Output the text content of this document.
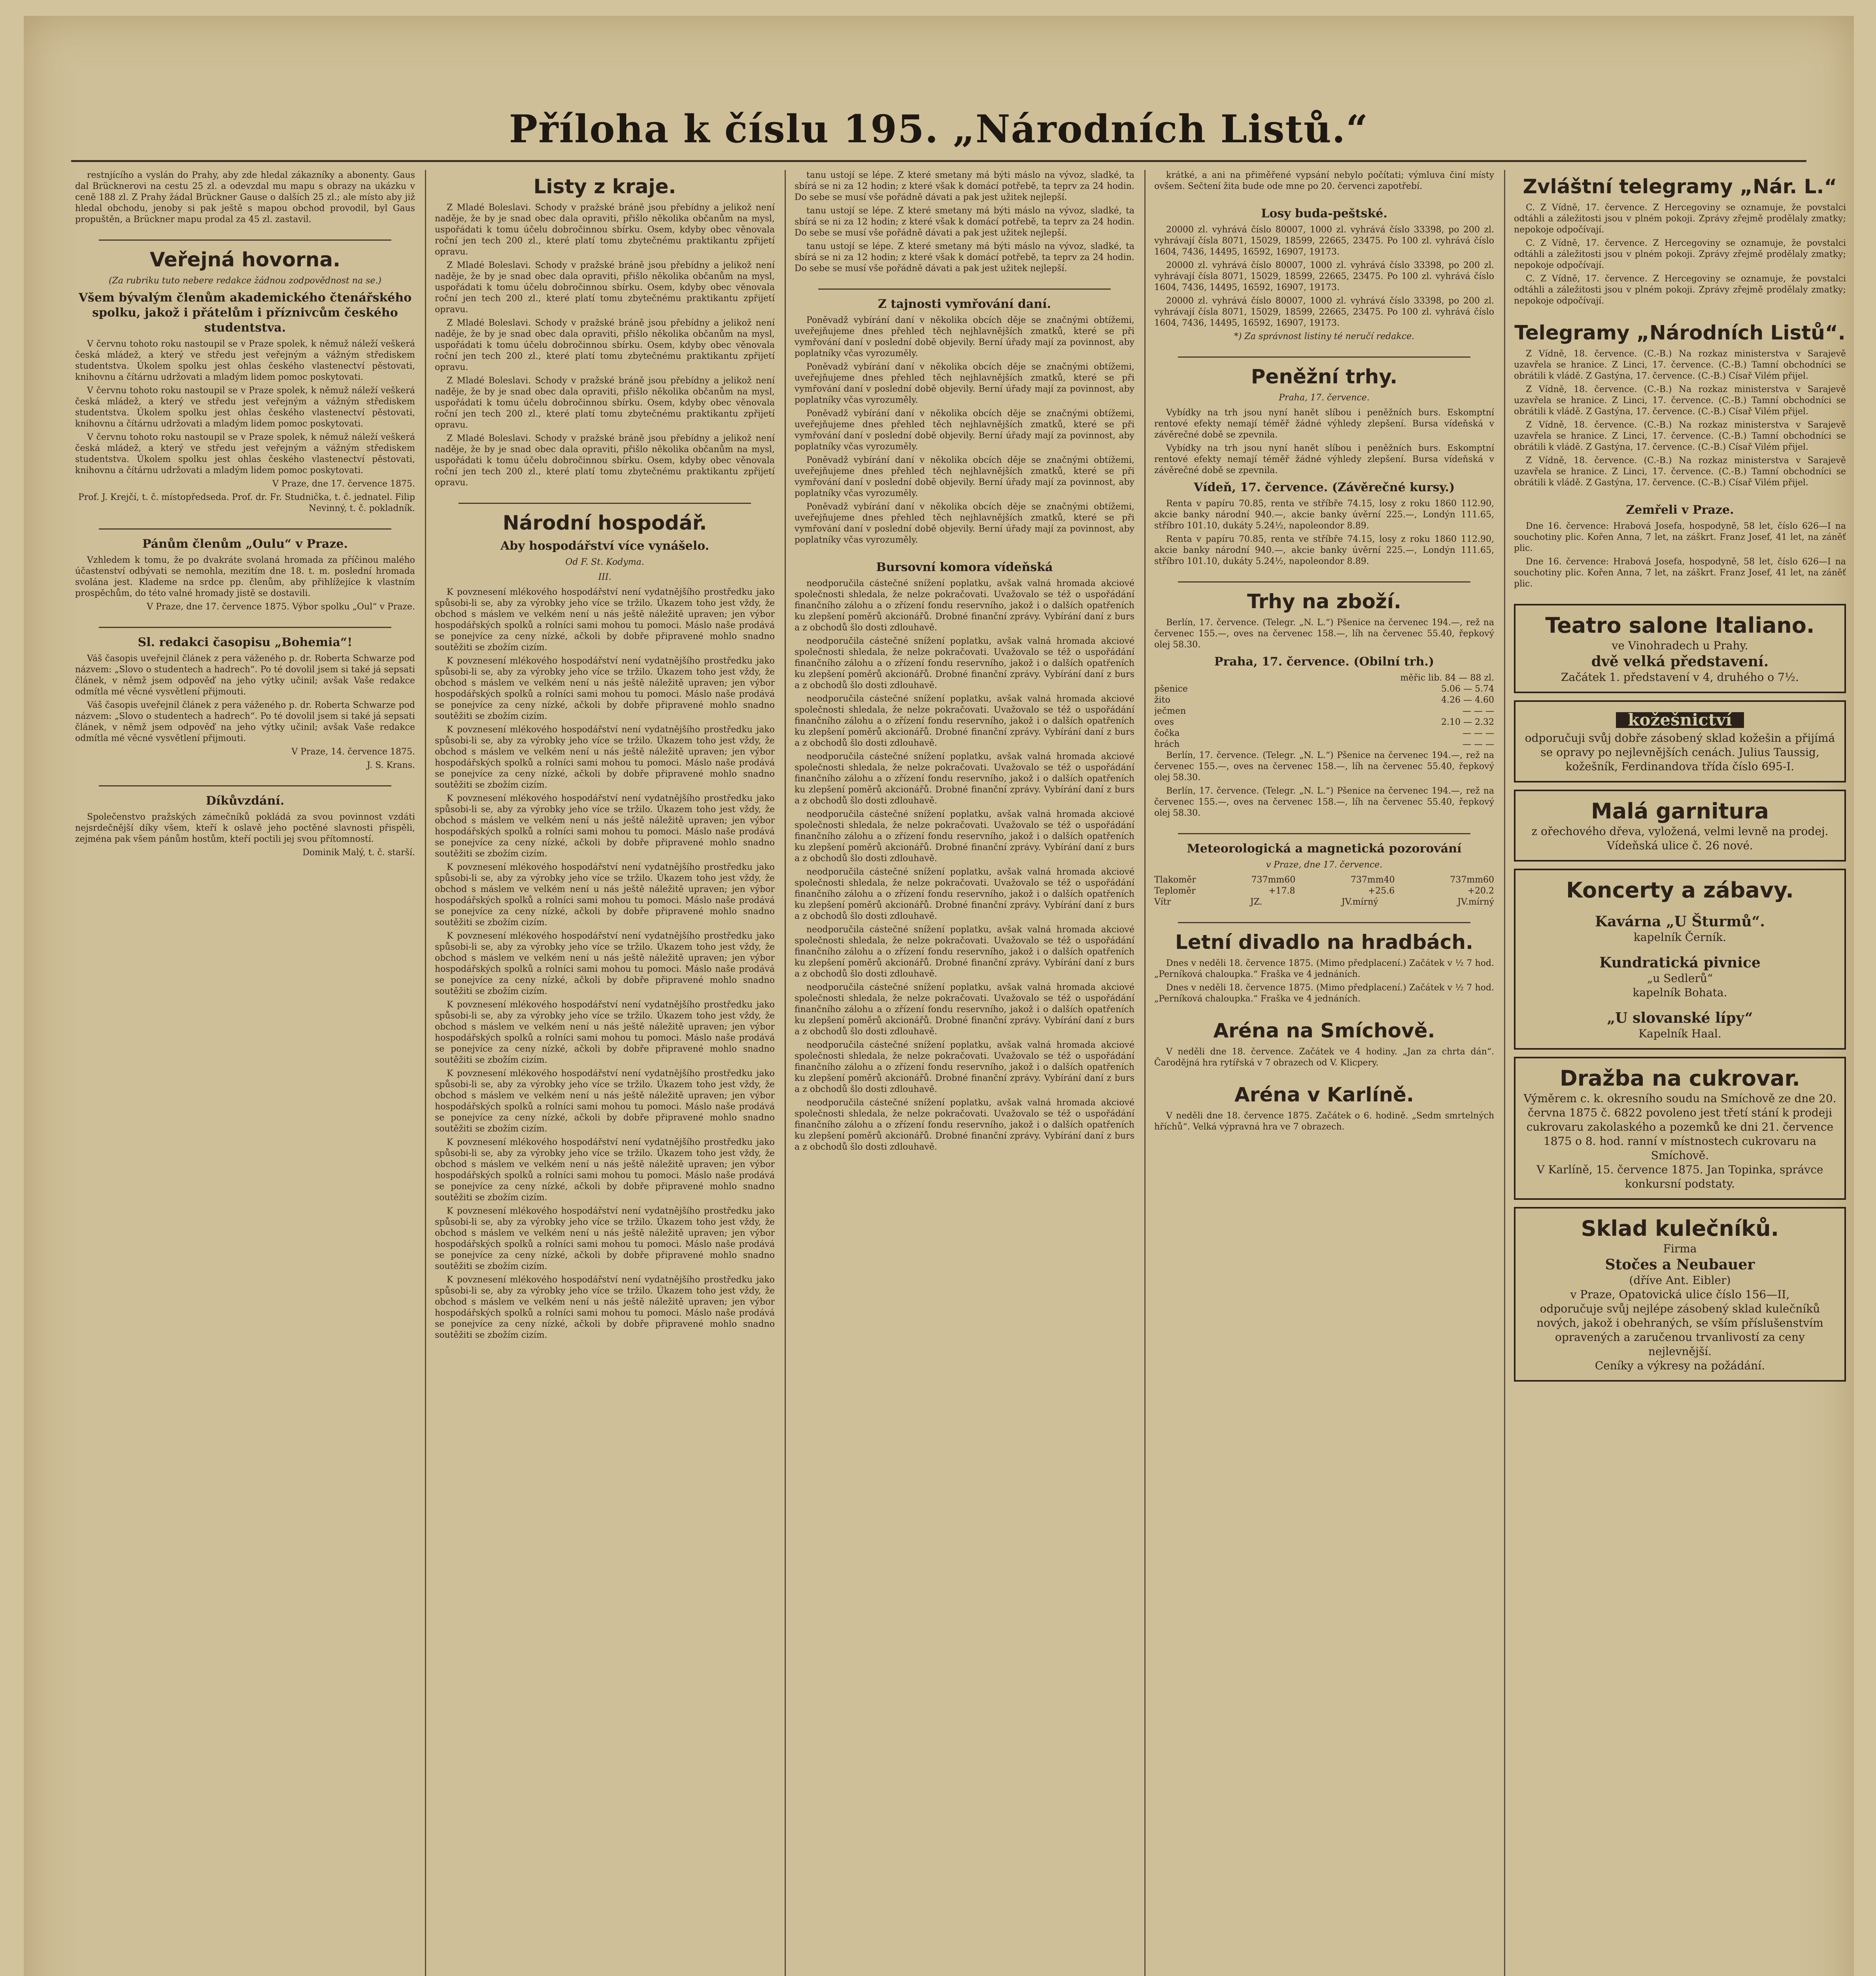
Příloha k číslu 195. „Národních Listů.“

restnjícího a vyslán do Prahy, aby zde hledal zákazníky a abonenty. Gaus dal Brücknerovi na cestu 25 zl. a odevzdal mu mapu s obrazy na ukázku v ceně 188 zl. Z Prahy žádal Brückner Gause o dalších 25 zl.; ale místo aby již hledal obchodu, jenoby si pak ještě s mapou obchod provodil, byl Gaus propuštěn, a Brückner mapu prodal za 45 zl. zastavil.

Veřejná hovorna.
(Za rubriku tuto nebere redakce žádnou zodpovědnost na se.)
Všem bývalým členům akademického čtenářského spolku, jakož i přátelům i příznivcům českého studentstva.

V červnu tohoto roku nastoupil se v Praze spolek, k němuž náleží veškerá česká mládež, a který ve středu jest veřejným a vážným střediskem studentstva. Úkolem spolku jest ohlas českého vlastenectví pěstovati, knihovnu a čítárnu udržovati a mladým lidem pomoc poskytovati.

V červnu tohoto roku nastoupil se v Praze spolek, k němuž náleží veškerá česká mládež, a který ve středu jest veřejným a vážným střediskem studentstva. Úkolem spolku jest ohlas českého vlastenectví pěstovati, knihovnu a čítárnu udržovati a mladým lidem pomoc poskytovati.

V červnu tohoto roku nastoupil se v Praze spolek, k němuž náleží veškerá česká mládež, a který ve středu jest veřejným a vážným střediskem studentstva. Úkolem spolku jest ohlas českého vlastenectví pěstovati, knihovnu a čítárnu udržovati a mladým lidem pomoc poskytovati.

V Praze, dne 17. července 1875.
Prof. J. Krejčí, t. č. místopředseda. Prof. dr. Fr. Studnička, t. č. jednatel. Filip Nevinný, t. č. pokladník.
Pánům členům „Oulu“ v Praze.

Vzhledem k tomu, že po dvakráte svolaná hromada za příčinou malého účastenství odbývati se nemohla, mezitím dne 18. t. m. poslední hromada svolána jest. Klademe na srdce pp. členům, aby přihlížejíce k vlastním prospěchům, do této valné hromady jistě se dostavili.

V Praze, dne 17. července 1875. Výbor spolku „Oul“ v Praze.
Sl. redakci časopisu „Bohemia“!

Váš časopis uveřejnil článek z pera váženého p. dr. Roberta Schwarze pod názvem: „Slovo o studentech a hadrech“. Po té dovolil jsem si také já sepsati článek, v němž jsem odpověď na jeho výtky učinil; avšak Vaše redakce odmítla mé věcné vysvětlení přijmouti.

Váš časopis uveřejnil článek z pera váženého p. dr. Roberta Schwarze pod názvem: „Slovo o studentech a hadrech“. Po té dovolil jsem si také já sepsati článek, v němž jsem odpověď na jeho výtky učinil; avšak Vaše redakce odmítla mé věcné vysvětlení přijmouti.

V Praze, 14. července 1875.
J. S. Krans.
Díkůvzdání.

Společenstvo pražských zámečníků pokládá za svou povinnost vzdáti nejsrdečnější díky všem, kteří k oslavě jeho poctěné slavnosti přispěli, zejména pak všem pánům hostům, kteří poctili jej svou přítomností.

Dominik Malý, t. č. starší.
Listy z kraje.

Z Mladé Boleslavi. Schody v pražské bráně jsou přebídny a jelikož není naděje, že by je snad obec dala opraviti, přišlo několika občanům na mysl, uspořádati k tomu účelu dobročinnou sbírku. Osem, kdyby obec věnovala roční jen tech 200 zl., které platí tomu zbytečnému praktikantu zpřijetí opravu.

Z Mladé Boleslavi. Schody v pražské bráně jsou přebídny a jelikož není naděje, že by je snad obec dala opraviti, přišlo několika občanům na mysl, uspořádati k tomu účelu dobročinnou sbírku. Osem, kdyby obec věnovala roční jen tech 200 zl., které platí tomu zbytečnému praktikantu zpřijetí opravu.

Z Mladé Boleslavi. Schody v pražské bráně jsou přebídny a jelikož není naděje, že by je snad obec dala opraviti, přišlo několika občanům na mysl, uspořádati k tomu účelu dobročinnou sbírku. Osem, kdyby obec věnovala roční jen tech 200 zl., které platí tomu zbytečnému praktikantu zpřijetí opravu.

Z Mladé Boleslavi. Schody v pražské bráně jsou přebídny a jelikož není naděje, že by je snad obec dala opraviti, přišlo několika občanům na mysl, uspořádati k tomu účelu dobročinnou sbírku. Osem, kdyby obec věnovala roční jen tech 200 zl., které platí tomu zbytečnému praktikantu zpřijetí opravu.

Z Mladé Boleslavi. Schody v pražské bráně jsou přebídny a jelikož není naděje, že by je snad obec dala opraviti, přišlo několika občanům na mysl, uspořádati k tomu účelu dobročinnou sbírku. Osem, kdyby obec věnovala roční jen tech 200 zl., které platí tomu zbytečnému praktikantu zpřijetí opravu.

Národní hospodář.
Aby hospodářství více vynášelo.
Od F. St. Kodyma.
III.

K povznesení mlékového hospodářství není vydatnějšího prostředku jako spůsobi-li se, aby za výrobky jeho více se tržilo. Úkazem toho jest vždy, že obchod s máslem ve velkém není u nás ještě náležitě upraven; jen výbor hospodářských spolků a rolníci sami mohou tu pomoci. Máslo naše prodává se ponejvíce za ceny nízké, ačkoli by dobře připravené mohlo snadno soutěžiti se zbožím cizím.

K povznesení mlékového hospodářství není vydatnějšího prostředku jako spůsobi-li se, aby za výrobky jeho více se tržilo. Úkazem toho jest vždy, že obchod s máslem ve velkém není u nás ještě náležitě upraven; jen výbor hospodářských spolků a rolníci sami mohou tu pomoci. Máslo naše prodává se ponejvíce za ceny nízké, ačkoli by dobře připravené mohlo snadno soutěžiti se zbožím cizím.

K povznesení mlékového hospodářství není vydatnějšího prostředku jako spůsobi-li se, aby za výrobky jeho více se tržilo. Úkazem toho jest vždy, že obchod s máslem ve velkém není u nás ještě náležitě upraven; jen výbor hospodářských spolků a rolníci sami mohou tu pomoci. Máslo naše prodává se ponejvíce za ceny nízké, ačkoli by dobře připravené mohlo snadno soutěžiti se zbožím cizím.

K povznesení mlékového hospodářství není vydatnějšího prostředku jako spůsobi-li se, aby za výrobky jeho více se tržilo. Úkazem toho jest vždy, že obchod s máslem ve velkém není u nás ještě náležitě upraven; jen výbor hospodářských spolků a rolníci sami mohou tu pomoci. Máslo naše prodává se ponejvíce za ceny nízké, ačkoli by dobře připravené mohlo snadno soutěžiti se zbožím cizím.

K povznesení mlékového hospodářství není vydatnějšího prostředku jako spůsobi-li se, aby za výrobky jeho více se tržilo. Úkazem toho jest vždy, že obchod s máslem ve velkém není u nás ještě náležitě upraven; jen výbor hospodářských spolků a rolníci sami mohou tu pomoci. Máslo naše prodává se ponejvíce za ceny nízké, ačkoli by dobře připravené mohlo snadno soutěžiti se zbožím cizím.

K povznesení mlékového hospodářství není vydatnějšího prostředku jako spůsobi-li se, aby za výrobky jeho více se tržilo. Úkazem toho jest vždy, že obchod s máslem ve velkém není u nás ještě náležitě upraven; jen výbor hospodářských spolků a rolníci sami mohou tu pomoci. Máslo naše prodává se ponejvíce za ceny nízké, ačkoli by dobře připravené mohlo snadno soutěžiti se zbožím cizím.

K povznesení mlékového hospodářství není vydatnějšího prostředku jako spůsobi-li se, aby za výrobky jeho více se tržilo. Úkazem toho jest vždy, že obchod s máslem ve velkém není u nás ještě náležitě upraven; jen výbor hospodářských spolků a rolníci sami mohou tu pomoci. Máslo naše prodává se ponejvíce za ceny nízké, ačkoli by dobře připravené mohlo snadno soutěžiti se zbožím cizím.

K povznesení mlékového hospodářství není vydatnějšího prostředku jako spůsobi-li se, aby za výrobky jeho více se tržilo. Úkazem toho jest vždy, že obchod s máslem ve velkém není u nás ještě náležitě upraven; jen výbor hospodářských spolků a rolníci sami mohou tu pomoci. Máslo naše prodává se ponejvíce za ceny nízké, ačkoli by dobře připravené mohlo snadno soutěžiti se zbožím cizím.

K povznesení mlékového hospodářství není vydatnějšího prostředku jako spůsobi-li se, aby za výrobky jeho více se tržilo. Úkazem toho jest vždy, že obchod s máslem ve velkém není u nás ještě náležitě upraven; jen výbor hospodářských spolků a rolníci sami mohou tu pomoci. Máslo naše prodává se ponejvíce za ceny nízké, ačkoli by dobře připravené mohlo snadno soutěžiti se zbožím cizím.

K povznesení mlékového hospodářství není vydatnějšího prostředku jako spůsobi-li se, aby za výrobky jeho více se tržilo. Úkazem toho jest vždy, že obchod s máslem ve velkém není u nás ještě náležitě upraven; jen výbor hospodářských spolků a rolníci sami mohou tu pomoci. Máslo naše prodává se ponejvíce za ceny nízké, ačkoli by dobře připravené mohlo snadno soutěžiti se zbožím cizím.

K povznesení mlékového hospodářství není vydatnějšího prostředku jako spůsobi-li se, aby za výrobky jeho více se tržilo. Úkazem toho jest vždy, že obchod s máslem ve velkém není u nás ještě náležitě upraven; jen výbor hospodářských spolků a rolníci sami mohou tu pomoci. Máslo naše prodává se ponejvíce za ceny nízké, ačkoli by dobře připravené mohlo snadno soutěžiti se zbožím cizím.

tanu ustojí se lépe. Z které smetany má býti máslo na vývoz, sladké, ta sbírá se ni za 12 hodin; z které však k domácí potřebě, ta teprv za 24 hodin. Do sebe se musí vše pořádně dávati a pak jest užitek nejlepší.

tanu ustojí se lépe. Z které smetany má býti máslo na vývoz, sladké, ta sbírá se ni za 12 hodin; z které však k domácí potřebě, ta teprv za 24 hodin. Do sebe se musí vše pořádně dávati a pak jest užitek nejlepší.

tanu ustojí se lépe. Z které smetany má býti máslo na vývoz, sladké, ta sbírá se ni za 12 hodin; z které však k domácí potřebě, ta teprv za 24 hodin. Do sebe se musí vše pořádně dávati a pak jest užitek nejlepší.

Z tajnosti vymřování daní.

Poněvadž vybírání daní v několika obcích děje se značnými obtížemi, uveřejňujeme dnes přehled těch nejhlavnějších zmatků, které se při vymřování daní v poslední době objevily. Berní úřady mají za povinnost, aby poplatníky včas vyrozuměly.

Poněvadž vybírání daní v několika obcích děje se značnými obtížemi, uveřejňujeme dnes přehled těch nejhlavnějších zmatků, které se při vymřování daní v poslední době objevily. Berní úřady mají za povinnost, aby poplatníky včas vyrozuměly.

Poněvadž vybírání daní v několika obcích děje se značnými obtížemi, uveřejňujeme dnes přehled těch nejhlavnějších zmatků, které se při vymřování daní v poslední době objevily. Berní úřady mají za povinnost, aby poplatníky včas vyrozuměly.

Poněvadž vybírání daní v několika obcích děje se značnými obtížemi, uveřejňujeme dnes přehled těch nejhlavnějších zmatků, které se při vymřování daní v poslední době objevily. Berní úřady mají za povinnost, aby poplatníky včas vyrozuměly.

Poněvadž vybírání daní v několika obcích děje se značnými obtížemi, uveřejňujeme dnes přehled těch nejhlavnějších zmatků, které se při vymřování daní v poslední době objevily. Berní úřady mají za povinnost, aby poplatníky včas vyrozuměly.

Bursovní komora vídeňská

neodporučila cástečné snížení poplatku, avšak valná hromada akciové společnosti shledala, že nelze pokračovati. Uvažovalo se též o uspořádání finančního zálohu a o zřízení fondu reservního, jakož i o dalších opatřeních ku zlepšení poměrů akcionářů. Drobné finanční zprávy. Vybírání daní z burs a z obchodů šlo dosti zdlouhavě.

neodporučila cástečné snížení poplatku, avšak valná hromada akciové společnosti shledala, že nelze pokračovati. Uvažovalo se též o uspořádání finančního zálohu a o zřízení fondu reservního, jakož i o dalších opatřeních ku zlepšení poměrů akcionářů. Drobné finanční zprávy. Vybírání daní z burs a z obchodů šlo dosti zdlouhavě.

neodporučila cástečné snížení poplatku, avšak valná hromada akciové společnosti shledala, že nelze pokračovati. Uvažovalo se též o uspořádání finančního zálohu a o zřízení fondu reservního, jakož i o dalších opatřeních ku zlepšení poměrů akcionářů. Drobné finanční zprávy. Vybírání daní z burs a z obchodů šlo dosti zdlouhavě.

neodporučila cástečné snížení poplatku, avšak valná hromada akciové společnosti shledala, že nelze pokračovati. Uvažovalo se též o uspořádání finančního zálohu a o zřízení fondu reservního, jakož i o dalších opatřeních ku zlepšení poměrů akcionářů. Drobné finanční zprávy. Vybírání daní z burs a z obchodů šlo dosti zdlouhavě.

neodporučila cástečné snížení poplatku, avšak valná hromada akciové společnosti shledala, že nelze pokračovati. Uvažovalo se též o uspořádání finančního zálohu a o zřízení fondu reservního, jakož i o dalších opatřeních ku zlepšení poměrů akcionářů. Drobné finanční zprávy. Vybírání daní z burs a z obchodů šlo dosti zdlouhavě.

neodporučila cástečné snížení poplatku, avšak valná hromada akciové společnosti shledala, že nelze pokračovati. Uvažovalo se též o uspořádání finančního zálohu a o zřízení fondu reservního, jakož i o dalších opatřeních ku zlepšení poměrů akcionářů. Drobné finanční zprávy. Vybírání daní z burs a z obchodů šlo dosti zdlouhavě.

neodporučila cástečné snížení poplatku, avšak valná hromada akciové společnosti shledala, že nelze pokračovati. Uvažovalo se též o uspořádání finančního zálohu a o zřízení fondu reservního, jakož i o dalších opatřeních ku zlepšení poměrů akcionářů. Drobné finanční zprávy. Vybírání daní z burs a z obchodů šlo dosti zdlouhavě.

neodporučila cástečné snížení poplatku, avšak valná hromada akciové společnosti shledala, že nelze pokračovati. Uvažovalo se též o uspořádání finančního zálohu a o zřízení fondu reservního, jakož i o dalších opatřeních ku zlepšení poměrů akcionářů. Drobné finanční zprávy. Vybírání daní z burs a z obchodů šlo dosti zdlouhavě.

neodporučila cástečné snížení poplatku, avšak valná hromada akciové společnosti shledala, že nelze pokračovati. Uvažovalo se též o uspořádání finančního zálohu a o zřízení fondu reservního, jakož i o dalších opatřeních ku zlepšení poměrů akcionářů. Drobné finanční zprávy. Vybírání daní z burs a z obchodů šlo dosti zdlouhavě.

neodporučila cástečné snížení poplatku, avšak valná hromada akciové společnosti shledala, že nelze pokračovati. Uvažovalo se též o uspořádání finančního zálohu a o zřízení fondu reservního, jakož i o dalších opatřeních ku zlepšení poměrů akcionářů. Drobné finanční zprávy. Vybírání daní z burs a z obchodů šlo dosti zdlouhavě.

krátké, a ani na přiměřené vypsání nebylo počítati; výmluva činí místy ovšem. Sečtení žita bude ode mne po 20. červenci zapotřebí.

Losy buda-peštské.

20000 zl. vyhrává číslo 80007, 1000 zl. vyhrává číslo 33398, po 200 zl. vyhrávají čísla 8071, 15029, 18599, 22665, 23475. Po 100 zl. vyhrává číslo 1604, 7436, 14495, 16592, 16907, 19173.

20000 zl. vyhrává číslo 80007, 1000 zl. vyhrává číslo 33398, po 200 zl. vyhrávají čísla 8071, 15029, 18599, 22665, 23475. Po 100 zl. vyhrává číslo 1604, 7436, 14495, 16592, 16907, 19173.

20000 zl. vyhrává číslo 80007, 1000 zl. vyhrává číslo 33398, po 200 zl. vyhrávají čísla 8071, 15029, 18599, 22665, 23475. Po 100 zl. vyhrává číslo 1604, 7436, 14495, 16592, 16907, 19173.

*) Za správnost listiny té neručí redakce.
Peněžní trhy.
Praha, 17. července.

Vybídky na trh jsou nyní hanět slíbou i peněžních burs. Eskomptní rentové efekty nemají téměř žádné výhledy zlepšení. Bursa vídeňská v závěrečné době se zpevnila.

Vybídky na trh jsou nyní hanět slíbou i peněžních burs. Eskomptní rentové efekty nemají téměř žádné výhledy zlepšení. Bursa vídeňská v závěrečné době se zpevnila.

Vídeň, 17. července. (Závěrečné kursy.)

Renta v papíru 70.85, renta ve stříbře 74.15, losy z roku 1860 112.90, akcie banky národní 940.—, akcie banky úvěrní 225.—, Londýn 111.65, stříbro 101.10, dukáty 5.24½, napoleondor 8.89.

Renta v papíru 70.85, renta ve stříbře 74.15, losy z roku 1860 112.90, akcie banky národní 940.—, akcie banky úvěrní 225.—, Londýn 111.65, stříbro 101.10, dukáty 5.24½, napoleondor 8.89.

Trhy na zboží.

Berlín, 17. července. (Telegr. „N. L.“) Pšenice na červenec 194.—, rež na červenec 155.—, oves na červenec 158.—, líh na červenec 55.40, řepkový olej 58.30.

Praha, 17. července. (Obilní trh.)
měřic lib. 84 — 88 zl.
pšenice	5.06 — 5.74
žito	4.26 — 4.60
ječmen	— — —
oves	2.10 — 2.32
čočka	— — —
hrách	— — —

Berlín, 17. července. (Telegr. „N. L.“) Pšenice na červenec 194.—, rež na červenec 155.—, oves na červenec 158.—, líh na červenec 55.40, řepkový olej 58.30.

Berlín, 17. července. (Telegr. „N. L.“) Pšenice na červenec 194.—, rež na červenec 155.—, oves na červenec 158.—, líh na červenec 55.40, řepkový olej 58.30.

Meteorologická a magnetická pozorování
v Praze, dne 17. července.
Tlakoměr	737mm60	737mm40	737mm60
Teploměr	+17.8	+25.6	+20.2
Vítr	JZ.	JV.mírný	JV.mírný
Letní divadlo na hradbách.

Dnes v neděli 18. července 1875. (Mimo předplacení.) Začátek v ½ 7 hod. „Perníková chaloupka.“ Fraška ve 4 jednáních.

Dnes v neděli 18. července 1875. (Mimo předplacení.) Začátek v ½ 7 hod. „Perníková chaloupka.“ Fraška ve 4 jednáních.

Aréna na Smíchově.

V neděli dne 18. července. Začátek ve 4 hodiny. „Jan za chrta dán“. Čarodějná hra rytířská v 7 obrazech od V. Klicpery.

Aréna v Karlíně.

V neděli dne 18. července 1875. Začátek o 6. hodině. „Sedm smrtelných hříchů“. Velká výpravná hra ve 7 obrazech.

Zvláštní telegramy „Nár. L.“

C. Z Vídně, 17. července. Z Hercegoviny se oznamuje, že povstalci odtáhli a záležitosti jsou v plném pokoji. Zprávy zřejmě prodělaly zmatky; nepokoje odpočívají.

C. Z Vídně, 17. července. Z Hercegoviny se oznamuje, že povstalci odtáhli a záležitosti jsou v plném pokoji. Zprávy zřejmě prodělaly zmatky; nepokoje odpočívají.

C. Z Vídně, 17. července. Z Hercegoviny se oznamuje, že povstalci odtáhli a záležitosti jsou v plném pokoji. Zprávy zřejmě prodělaly zmatky; nepokoje odpočívají.

Telegramy „Národních Listů“.

Z Vídně, 18. července. (C.-B.) Na rozkaz ministerstva v Sarajevě uzavřela se hranice. Z Linci, 17. července. (C.-B.) Tamní obchodníci se obrátili k vládě. Z Gastýna, 17. července. (C.-B.) Císař Vilém přijel.

Z Vídně, 18. července. (C.-B.) Na rozkaz ministerstva v Sarajevě uzavřela se hranice. Z Linci, 17. července. (C.-B.) Tamní obchodníci se obrátili k vládě. Z Gastýna, 17. července. (C.-B.) Císař Vilém přijel.

Z Vídně, 18. července. (C.-B.) Na rozkaz ministerstva v Sarajevě uzavřela se hranice. Z Linci, 17. července. (C.-B.) Tamní obchodníci se obrátili k vládě. Z Gastýna, 17. července. (C.-B.) Císař Vilém přijel.

Z Vídně, 18. července. (C.-B.) Na rozkaz ministerstva v Sarajevě uzavřela se hranice. Z Linci, 17. července. (C.-B.) Tamní obchodníci se obrátili k vládě. Z Gastýna, 17. července. (C.-B.) Císař Vilém přijel.

Zemřeli v Praze.

Dne 16. července: Hrabová Josefa, hospodyně, 58 let, číslo 626—I na souchotiny plic. Kořen Anna, 7 let, na záškrt. Franz Josef, 41 let, na záněť plic.

Dne 16. července: Hrabová Josefa, hospodyně, 58 let, číslo 626—I na souchotiny plic. Kořen Anna, 7 let, na záškrt. Franz Josef, 41 let, na záněť plic.

Teatro salone Italiano.
ve Vinohradech u Prahy.
dvě velká představení.
Začátek 1. představení v 4, druhého o 7½.
kožešnictví
odporučuji svůj dobře zásobený sklad kožešin a přijímá se opravy po nejlevnějších cenách. Julius Taussig, kožešník, Ferdinandova třída číslo 695-I.
Malá garnitura
z ořechového dřeva, vyložená, velmi levně na prodej. Vídeňská ulice č. 26 nové.
Koncerty a zábavy.
Kavárna „U Šturmů“.
kapelník Černík.
Kundratická pivnice
„u Sedlerů“
kapelník Bohata.
„U slovanské lípy“
Kapelník Haal.
Dražba na cukrovar.
Výměrem c. k. okresního soudu na Smíchově ze dne 20. června 1875 č. 6822 povoleno jest třetí stání k prodeji cukrovaru zakolaského a pozemků ke dni 21. července 1875 o 8. hod. ranní v místnostech cukrovaru na Smíchově.
V Karlíně, 15. července 1875. Jan Topinka, správce konkursní podstaty.
Sklad kulečníků.
Firma
Stočes a Neubauer
(dříve Ant. Eibler)
v Praze, Opatovická ulice číslo 156—II,
odporučuje svůj nejlépe zásobený sklad kulečníků nových, jakož i obehraných, se vším příslušenstvím opravených a zaručenou trvanlivostí za ceny nejlevnější.
Ceníky a výkresy na požádání.
